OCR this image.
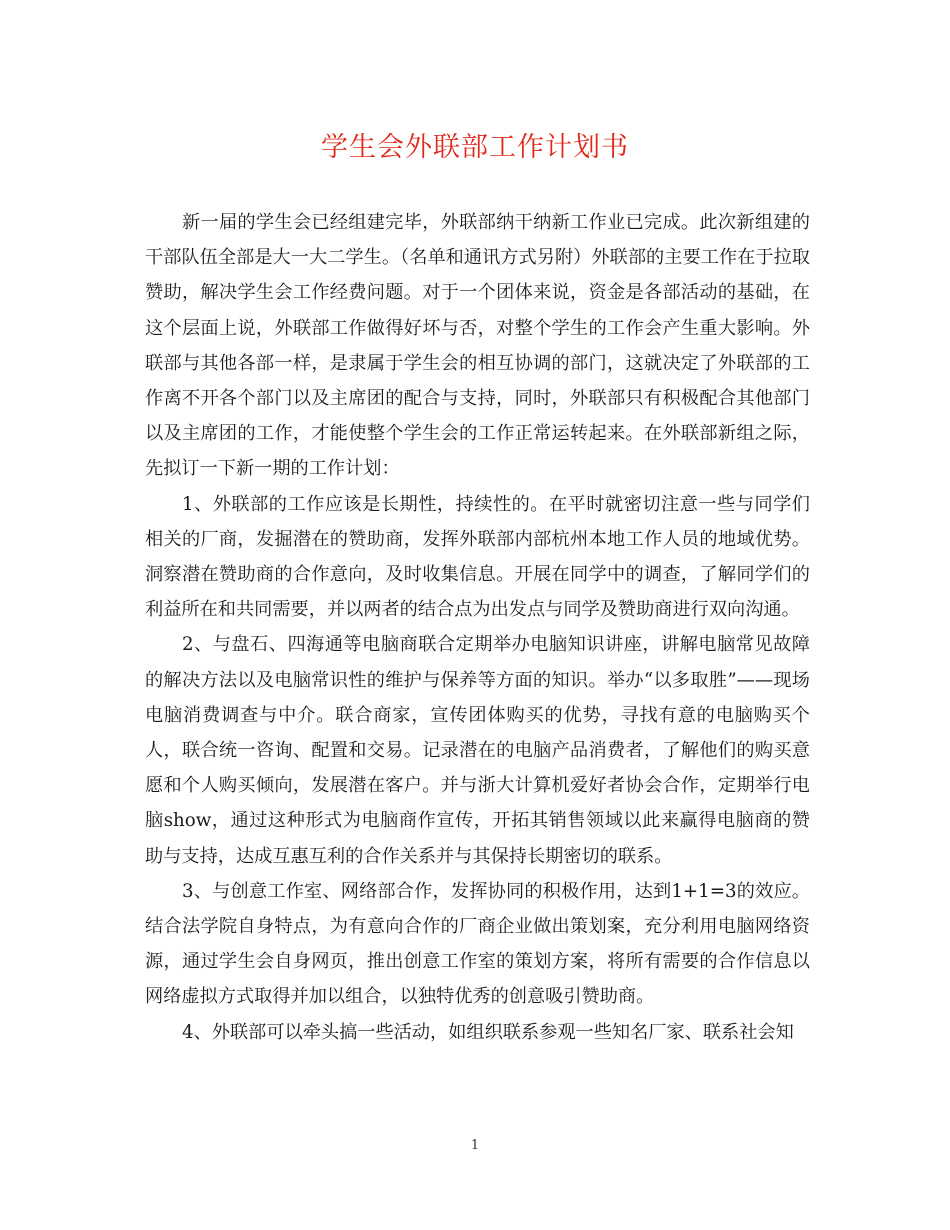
学生会外联部工作计划书

新一届的学生会已经组建完毕，外联部纳干纳新工作业已完成。此次新组建的干部队伍全部是大一大二学生。（名单和通讯方式另附）外联部的主要工作在于拉取赞助，解决学生会工作经费问题。对于一个团体来说，资金是各部活动的基础，在这个层面上说，外联部工作做得好坏与否，对整个学生的工作会产生重大影响。外联部与其他各部一样，是隶属于学生会的相互协调的部门，这就决定了外联部的工作离不开各个部门以及主席团的配合与支持，同时，外联部只有积极配合其他部门以及主席团的工作，才能使整个学生会的工作正常运转起来。在外联部新组之际，先拟订一下新一期的工作计划：

1、外联部的工作应该是长期性，持续性的。在平时就密切注意一些与同学们相关的厂商，发掘潜在的赞助商，发挥外联部内部杭州本地工作人员的地域优势。洞察潜在赞助商的合作意向，及时收集信息。开展在同学中的调查，了解同学们的利益所在和共同需要，并以两者的结合点为出发点与同学及赞助商进行双向沟通。

2、与盘石、四海通等电脑商联合定期举办电脑知识讲座，讲解电脑常见故障的解决方法以及电脑常识性的维护与保养等方面的知识。举办“以多取胜”——现场电脑消费调查与中介。联合商家，宣传团体购买的优势，寻找有意的电脑购买个人，联合统一咨询、配置和交易。记录潜在的电脑产品消费者，了解他们的购买意愿和个人购买倾向，发展潜在客户。并与浙大计算机爱好者协会合作，定期举行电脑show，通过这种形式为电脑商作宣传，开拓其销售领域以此来赢得电脑商的赞助与支持，达成互惠互利的合作关系并与其保持长期密切的联系。

3、与创意工作室、网络部合作，发挥协同的积极作用，达到1+1=3的效应。结合法学院自身特点，为有意向合作的厂商企业做出策划案，充分利用电脑网络资源，通过学生会自身网页，推出创意工作室的策划方案，将所有需要的合作信息以网络虚拟方式取得并加以组合，以独特优秀的创意吸引赞助商。

4、外联部可以牵头搞一些活动，如组织联系参观一些知名厂家、联系社会知

1
